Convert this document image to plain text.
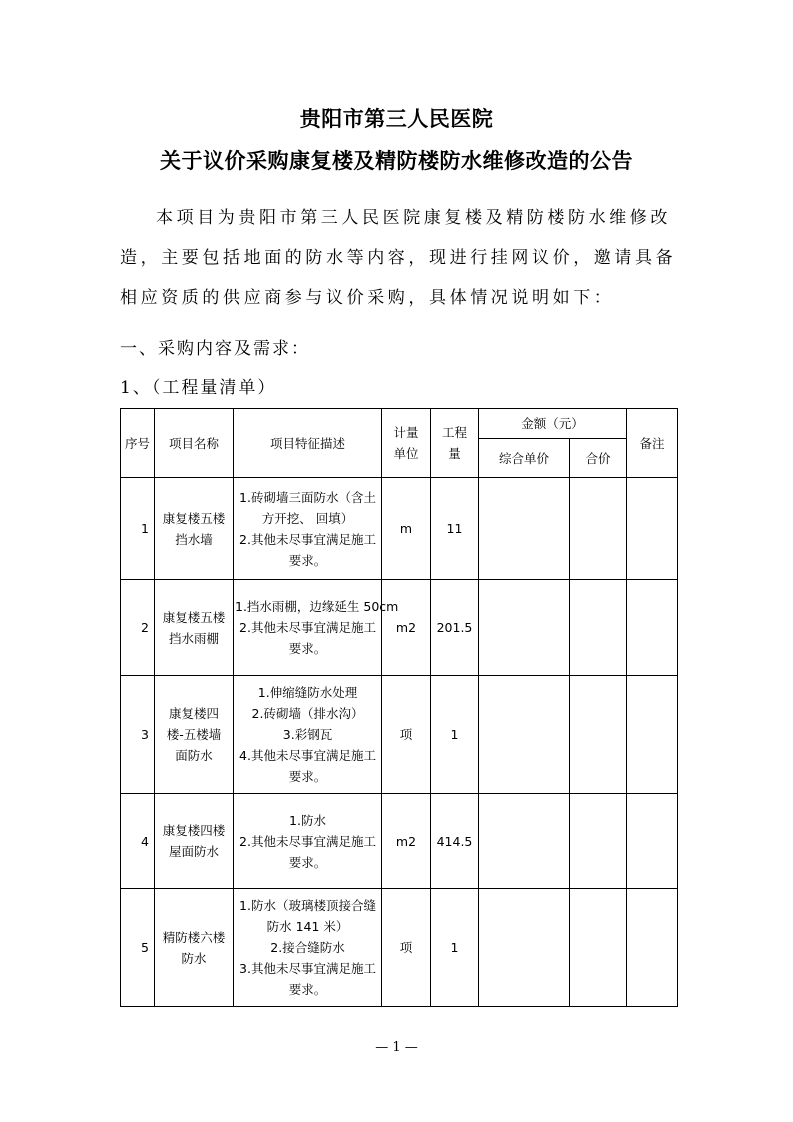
贵阳市第三人民医院
关于议价采购康复楼及精防楼防水维修改造的公告
本项目为贵阳市第三人民医院康复楼及精防楼防水维修改造，主要包括地面的防水等内容，现进行挂网议价，邀请具备相应资质的供应商参与议价采购，具体情况说明如下：
一、采购内容及需求：
1、（工程量清单）
序号	项目名称	项目特征描述	计量单位	工程量	金额（元）		备注
					综合单价	合价	
1	康复楼五楼挡水墙	1.砖砌墙三面防水（含土
方开挖、 回填）
2.其他未尽事宜满足施工
要求。	m	11			
2	康复楼五楼挡水雨棚	1.挡水雨棚，边缘延生 50cm
2.其他未尽事宜满足施工
要求。	m2	201.5			
3	康复楼四楼-五楼墙面防水	1.伸缩缝防水处理
2.砖砌墙（排水沟）
3.彩钢瓦
4.其他未尽事宜满足施工
要求。	项	1			
4	康复楼四楼屋面防水	1.防水
2.其他未尽事宜满足施工
要求。	m2	414.5			
5	精防楼六楼防水	1.防水（玻璃楼顶接合缝
防水 141 米）
2.接合缝防水
3.其他未尽事宜满足施工
要求。	项	1			
— 1 —
